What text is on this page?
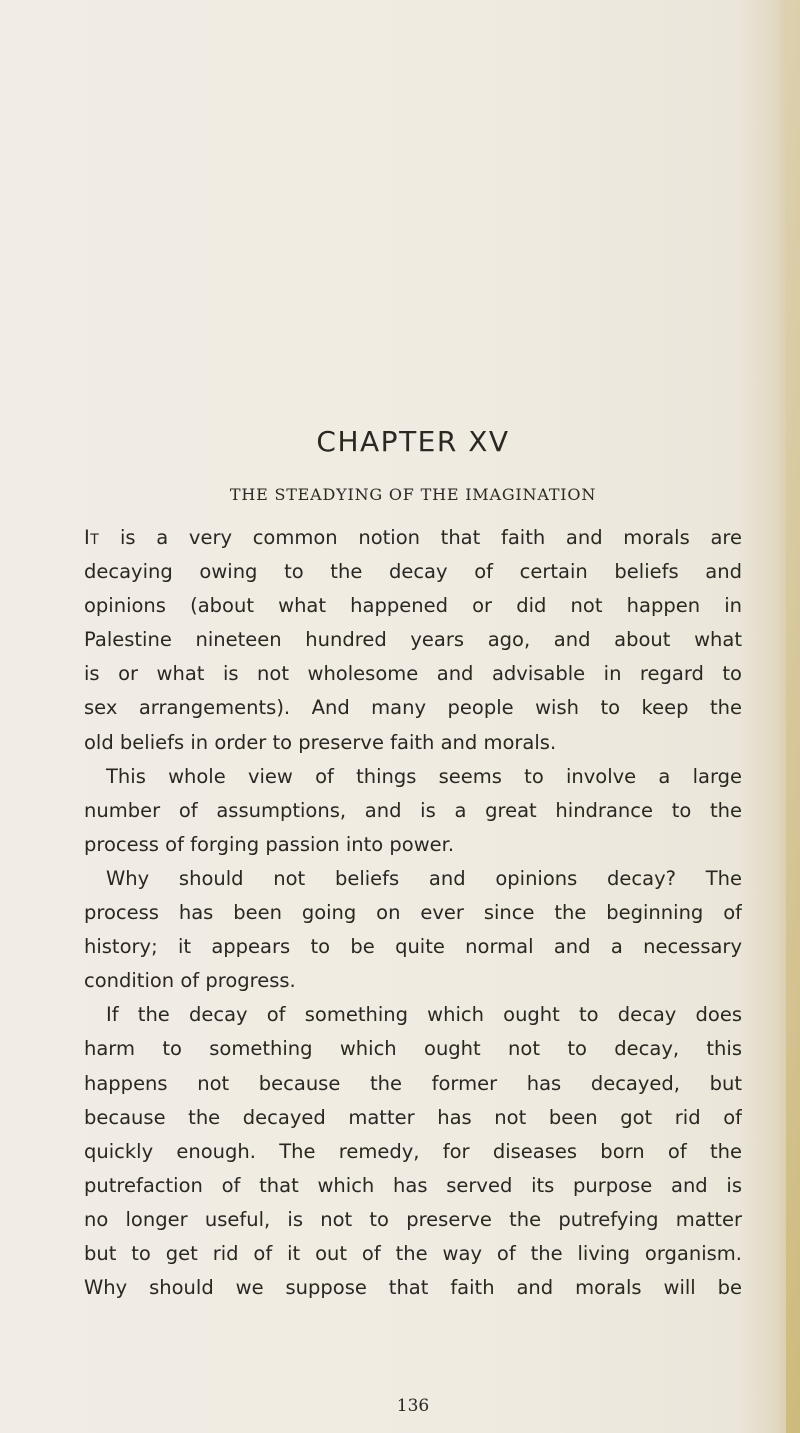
CHAPTER XV
THE STEADYING OF THE IMAGINATION
It is a very common notion that faith and morals are
decaying owing to the decay of certain beliefs and
opinions (about what happened or did not happen in
Palestine nineteen hundred years ago, and about what
is or what is not wholesome and advisable in regard to
sex arrangements). And many people wish to keep the
old beliefs in order to preserve faith and morals.
This whole view of things seems to involve a large
number of assumptions, and is a great hindrance to the
process of forging passion into power.
Why should not beliefs and opinions decay? The
process has been going on ever since the beginning of
history; it appears to be quite normal and a necessary
condition of progress.
If the decay of something which ought to decay does
harm to something which ought not to decay, this
happens not because the former has decayed, but
because the decayed matter has not been got rid of
quickly enough. The remedy, for diseases born of the
putrefaction of that which has served its purpose and is
no longer useful, is not to preserve the putrefying matter
but to get rid of it out of the way of the living organism.
Why should we suppose that faith and morals will be
136
